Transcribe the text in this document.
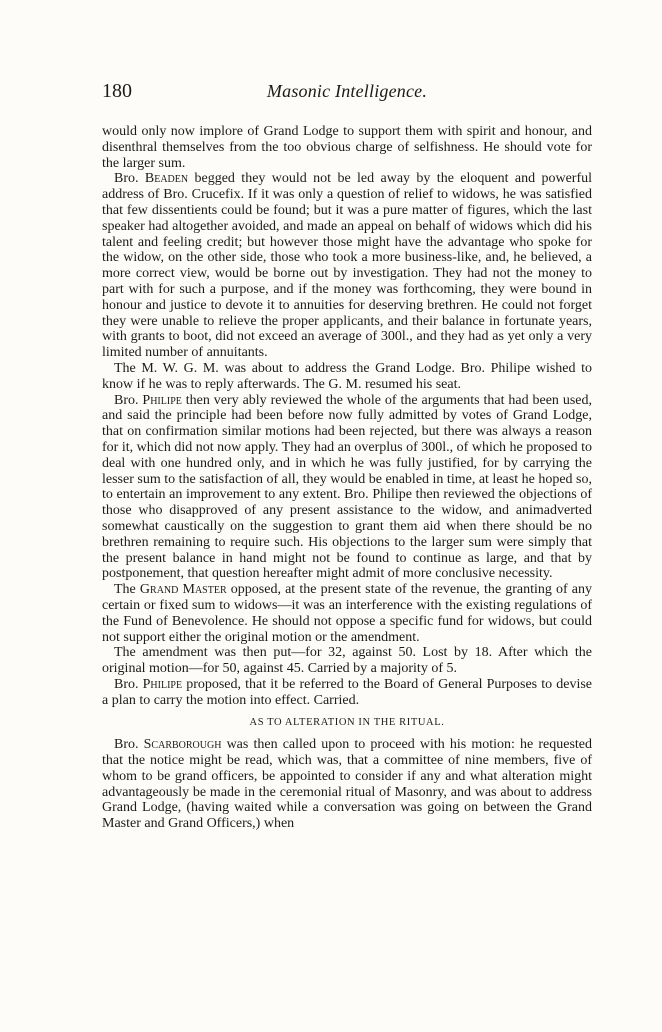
180	Masonic Intelligence.

would only now implore of Grand Lodge to support them with spirit and honour, and disenthral themselves from the too obvious charge of selfishness. He should vote for the larger sum.

Bro. Beaden begged they would not be led away by the eloquent and powerful address of Bro. Crucefix. If it was only a question of relief to widows, he was satisfied that few dissentients could be found; but it was a pure matter of figures, which the last speaker had altogether avoided, and made an appeal on behalf of widows which did his talent and feeling credit; but however those might have the advantage who spoke for the widow, on the other side, those who took a more business-like, and, he believed, a more correct view, would be borne out by investigation. They had not the money to part with for such a purpose, and if the money was forthcoming, they were bound in honour and justice to devote it to annuities for deserving brethren. He could not forget they were unable to relieve the proper applicants, and their balance in fortunate years, with grants to boot, did not exceed an average of 300l., and they had as yet only a very limited number of annuitants.

The M. W. G. M. was about to address the Grand Lodge. Bro. Philipe wished to know if he was to reply afterwards. The G. M. resumed his seat.

Bro. Philipe then very ably reviewed the whole of the arguments that had been used, and said the principle had been before now fully admitted by votes of Grand Lodge, that on confirmation similar motions had been rejected, but there was always a reason for it, which did not now apply. They had an overplus of 300l., of which he proposed to deal with one hundred only, and in which he was fully justified, for by carrying the lesser sum to the satisfaction of all, they would be enabled in time, at least he hoped so, to entertain an improvement to any extent. Bro. Philipe then reviewed the objections of those who disapproved of any present assistance to the widow, and animadverted somewhat caustically on the suggestion to grant them aid when there should be no brethren remaining to require such. His objections to the larger sum were simply that the present balance in hand might not be found to continue as large, and that by postponement, that question hereafter might admit of more conclusive necessity.

The Grand Master opposed, at the present state of the revenue, the granting of any certain or fixed sum to widows—it was an interference with the existing regulations of the Fund of Benevolence. He should not oppose a specific fund for widows, but could not support either the original motion or the amendment.

The amendment was then put—for 32, against 50. Lost by 18. After which the original motion—for 50, against 45. Carried by a majority of 5.

Bro. Philipe proposed, that it be referred to the Board of General Purposes to devise a plan to carry the motion into effect. Carried.

AS TO ALTERATION IN THE RITUAL.

Bro. Scarborough was then called upon to proceed with his motion: he requested that the notice might be read, which was, that a committee of nine members, five of whom to be grand officers, be appointed to consider if any and what alteration might advantageously be made in the ceremonial ritual of Masonry, and was about to address Grand Lodge, (having waited while a conversation was going on between the Grand Master and Grand Officers,) when
